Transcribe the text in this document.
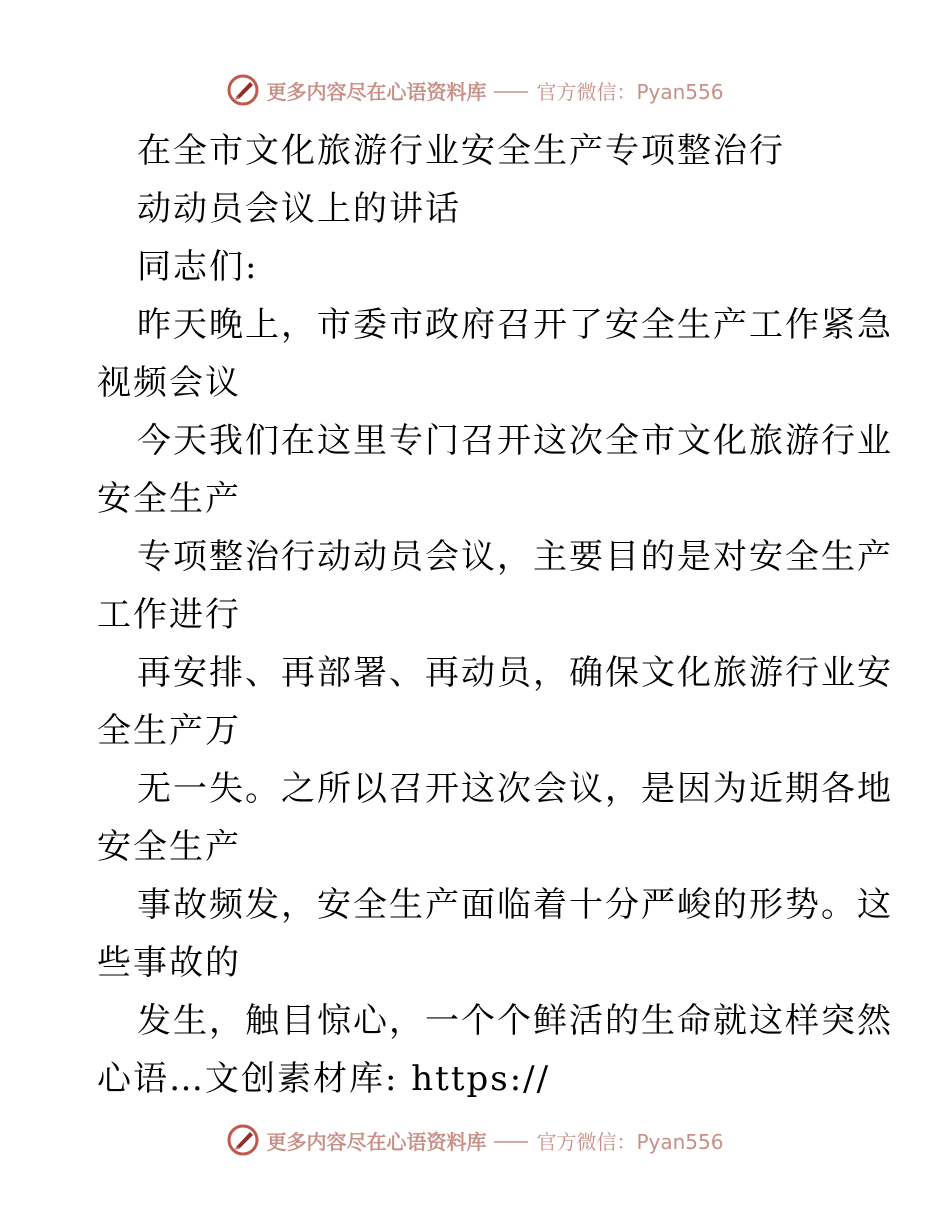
更多内容尽在心语资料库	官方微信：Pyan556
在全市文化旅游行业安全生产专项整治行
动动员会议上的讲话
同志们:
昨天晚上，市委市政府召开了安全生产工作紧急
视频会议
今天我们在这里专门召开这次全市文化旅游行业
安全生产
专项整治行动动员会议，主要目的是对安全生产
工作进行
再安排、再部署、再动员，确保文化旅游行业安
全生产万
无一失。之所以召开这次会议，是因为近期各地
安全生产
事故频发，安全生产面临着十分严峻的形势。这
些事故的
发生，触目惊心，一个个鲜活的生命就这样突然
心语…文创素材库: https://
更多内容尽在心语资料库	官方微信：Pyan556
